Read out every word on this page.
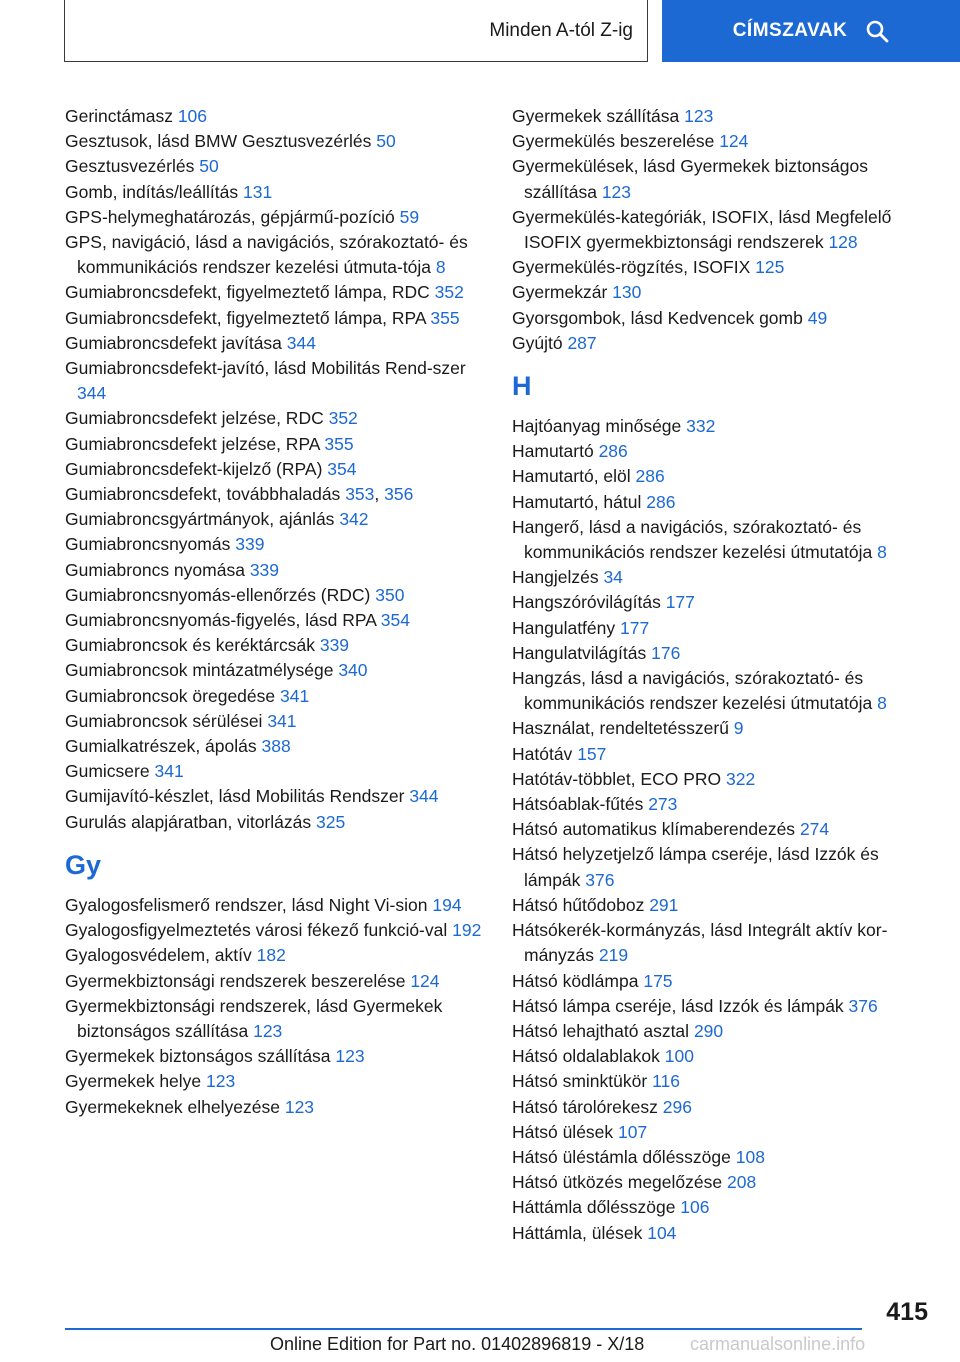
Minden A-tól Z-ig	CÍMSZAVAK
Gerinctámasz 106
Gesztusok, lásd BMW Gesztusvezérlés 50
Gesztusvezérlés 50
Gomb, indítás/leállítás 131
GPS-helymeghatározás, gépjármű-pozíció 59
GPS, navigáció, lásd a navigációs, szórakoztató- és kommunikációs rendszer kezelési útmuta-tója 8
Gumiabroncsdefekt, figyelmeztető lámpa, RDC 352
Gumiabroncsdefekt, figyelmeztető lámpa, RPA 355
Gumiabroncsdefekt javítása 344
Gumiabroncsdefekt-javító, lásd Mobilitás Rend-szer 344
Gumiabroncsdefekt jelzése, RDC 352
Gumiabroncsdefekt jelzése, RPA 355
Gumiabroncsdefekt-kijelző (RPA) 354
Gumiabroncsdefekt, továbbhaladás 353, 356
Gumiabroncsgyártmányok, ajánlás 342
Gumiabroncsnyomás 339
Gumiabroncs nyomása 339
Gumiabroncsnyomás-ellenőrzés (RDC) 350
Gumiabroncsnyomás-figyelés, lásd RPA 354
Gumiabroncsok és keréktárcsák 339
Gumiabroncsok mintázatmélysége 340
Gumiabroncsok öregedése 341
Gumiabroncsok sérülései 341
Gumialkatrészek, ápolás 388
Gumicsere 341
Gumijavító-készlet, lásd Mobilitás Rendszer 344
Gurulás alapjáratban, vitorlázás 325
Gy
Gyalogosfelismerő rendszer, lásd Night Vi-sion 194
Gyalogosfigyelmeztetés városi fékező funkció-val 192
Gyalogosvédelem, aktív 182
Gyermekbiztonsági rendszerek beszerelése 124
Gyermekbiztonsági rendszerek, lásd Gyermekek biztonságos szállítása 123
Gyermekek biztonságos szállítása 123
Gyermekek helye 123
Gyermekeknek elhelyezése 123
Gyermekek szállítása 123
Gyermekülés beszerelése 124
Gyermekülések, lásd Gyermekek biztonságos szállítása 123
Gyermekülés-kategóriák, ISOFIX, lásd Megfelelő ISOFIX gyermekbiztonsági rendszerek 128
Gyermekülés-rögzítés, ISOFIX 125
Gyermekzár 130
Gyorsgombok, lásd Kedvencek gomb 49
Gyújtó 287
H
Hajtóanyag minősége 332
Hamutartó 286
Hamutartó, elöl 286
Hamutartó, hátul 286
Hangerő, lásd a navigációs, szórakoztató- és kommunikációs rendszer kezelési útmutatója 8
Hangjelzés 34
Hangszóróvilágítás 177
Hangulatfény 177
Hangulatvilágítás 176
Hangzás, lásd a navigációs, szórakoztató- és kommunikációs rendszer kezelési útmutatója 8
Használat, rendeltetésszerű 9
Hatótáv 157
Hatótáv-többlet, ECO PRO 322
Hátsóablak-fűtés 273
Hátsó automatikus klímaberendezés 274
Hátsó helyzetjelző lámpa cseréje, lásd Izzók és lámpák 376
Hátsó hűtődoboz 291
Hátsókerék-kormányzás, lásd Integrált aktív kor-mányzás 219
Hátsó ködlámpa 175
Hátsó lámpa cseréje, lásd Izzók és lámpák 376
Hátsó lehajtható asztal 290
Hátsó oldalablakok 100
Hátsó sminktükör 116
Hátsó tárolórekesz 296
Hátsó ülések 107
Hátsó üléstámla dőlésszöge 108
Hátsó ütközés megelőzése 208
Háttámla dőlésszöge 106
Háttámla, ülések 104
415
Online Edition for Part no. 01402896819 - X/18	carmanualsonline.info
